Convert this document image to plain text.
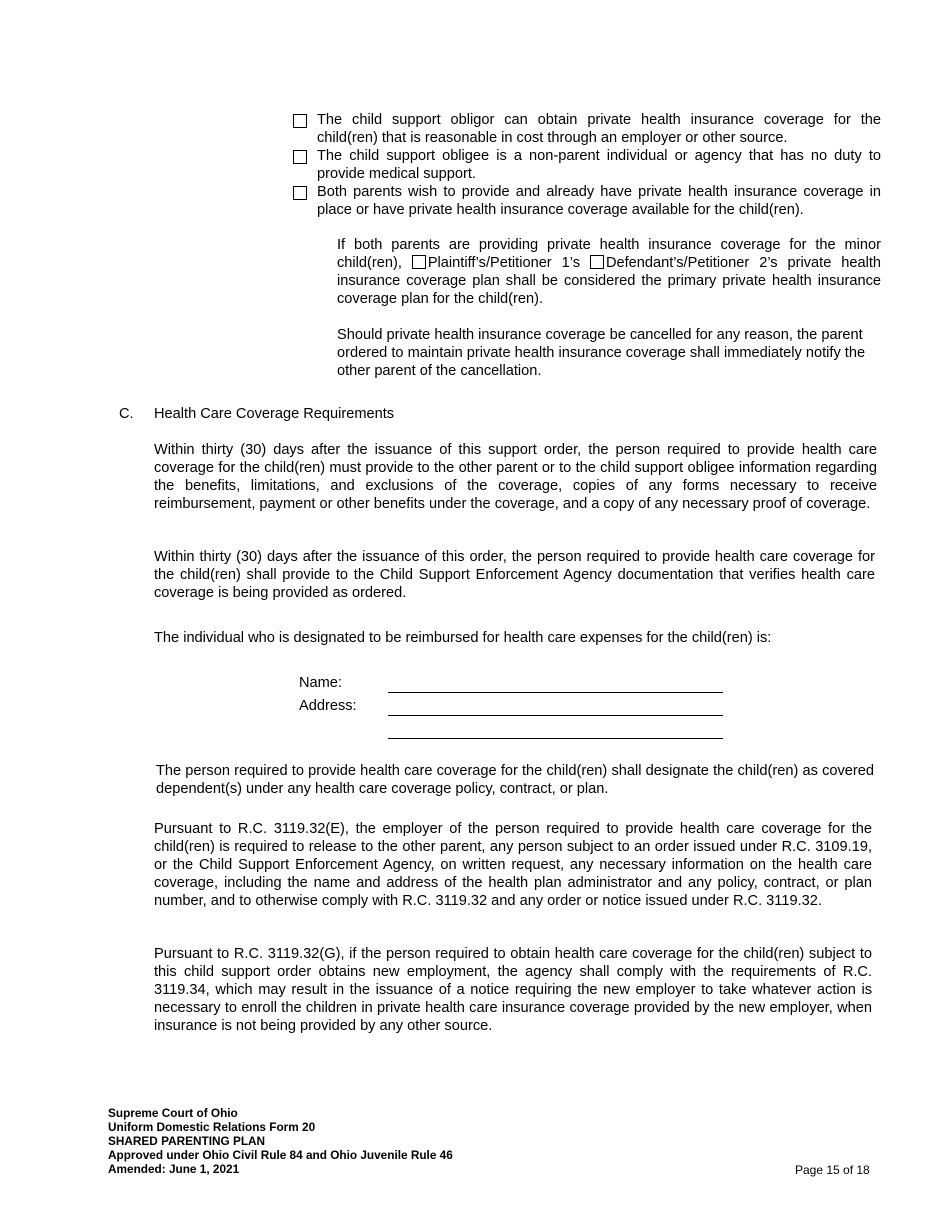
The child support obligor can obtain private health insurance coverage for the child(ren) that is reasonable in cost through an employer or other source.
The child support obligee is a non-parent individual or agency that has no duty to provide medical support.
Both parents wish to provide and already have private health insurance coverage in place or have private health insurance coverage available for the child(ren).
If both parents are providing private health insurance coverage for the minor child(ren), Plaintiff’s/Petitioner 1’s Defendant’s/Petitioner 2’s private health insurance coverage plan shall be considered the primary private health insurance coverage plan for the child(ren).
Should private health insurance coverage be cancelled for any reason, the parent ordered to maintain private health insurance coverage shall immediately notify the other parent of the cancellation.
C. Health Care Coverage Requirements
Within thirty (30) days after the issuance of this support order, the person required to provide health care coverage for the child(ren) must provide to the other parent or to the child support obligee information regarding the benefits, limitations, and exclusions of the coverage, copies of any forms necessary to receive reimbursement, payment or other benefits under the coverage, and a copy of any necessary proof of coverage.
Within thirty (30) days after the issuance of this order, the person required to provide health care coverage for the child(ren) shall provide to the Child Support Enforcement Agency documentation that verifies health care coverage is being provided as ordered.
The individual who is designated to be reimbursed for health care expenses for the child(ren) is:
Name:
Address:
The person required to provide health care coverage for the child(ren) shall designate the child(ren) as covered dependent(s) under any health care coverage policy, contract, or plan.
Pursuant to R.C. 3119.32(E), the employer of the person required to provide health care coverage for the child(ren) is required to release to the other parent, any person subject to an order issued under R.C. 3109.19, or the Child Support Enforcement Agency, on written request, any necessary information on the health care coverage, including the name and address of the health plan administrator and any policy, contract, or plan number, and to otherwise comply with R.C. 3119.32 and any order or notice issued under R.C. 3119.32.
Pursuant to R.C. 3119.32(G), if the person required to obtain health care coverage for the child(ren) subject to this child support order obtains new employment, the agency shall comply with the requirements of R.C. 3119.34, which may result in the issuance of a notice requiring the new employer to take whatever action is necessary to enroll the children in private health care insurance coverage provided by the new employer, when insurance is not being provided by any other source.
Supreme Court of Ohio
Uniform Domestic Relations Form 20
SHARED PARENTING PLAN
Approved under Ohio Civil Rule 84 and Ohio Juvenile Rule 46
Amended: June 1, 2021	Page 15 of 18
